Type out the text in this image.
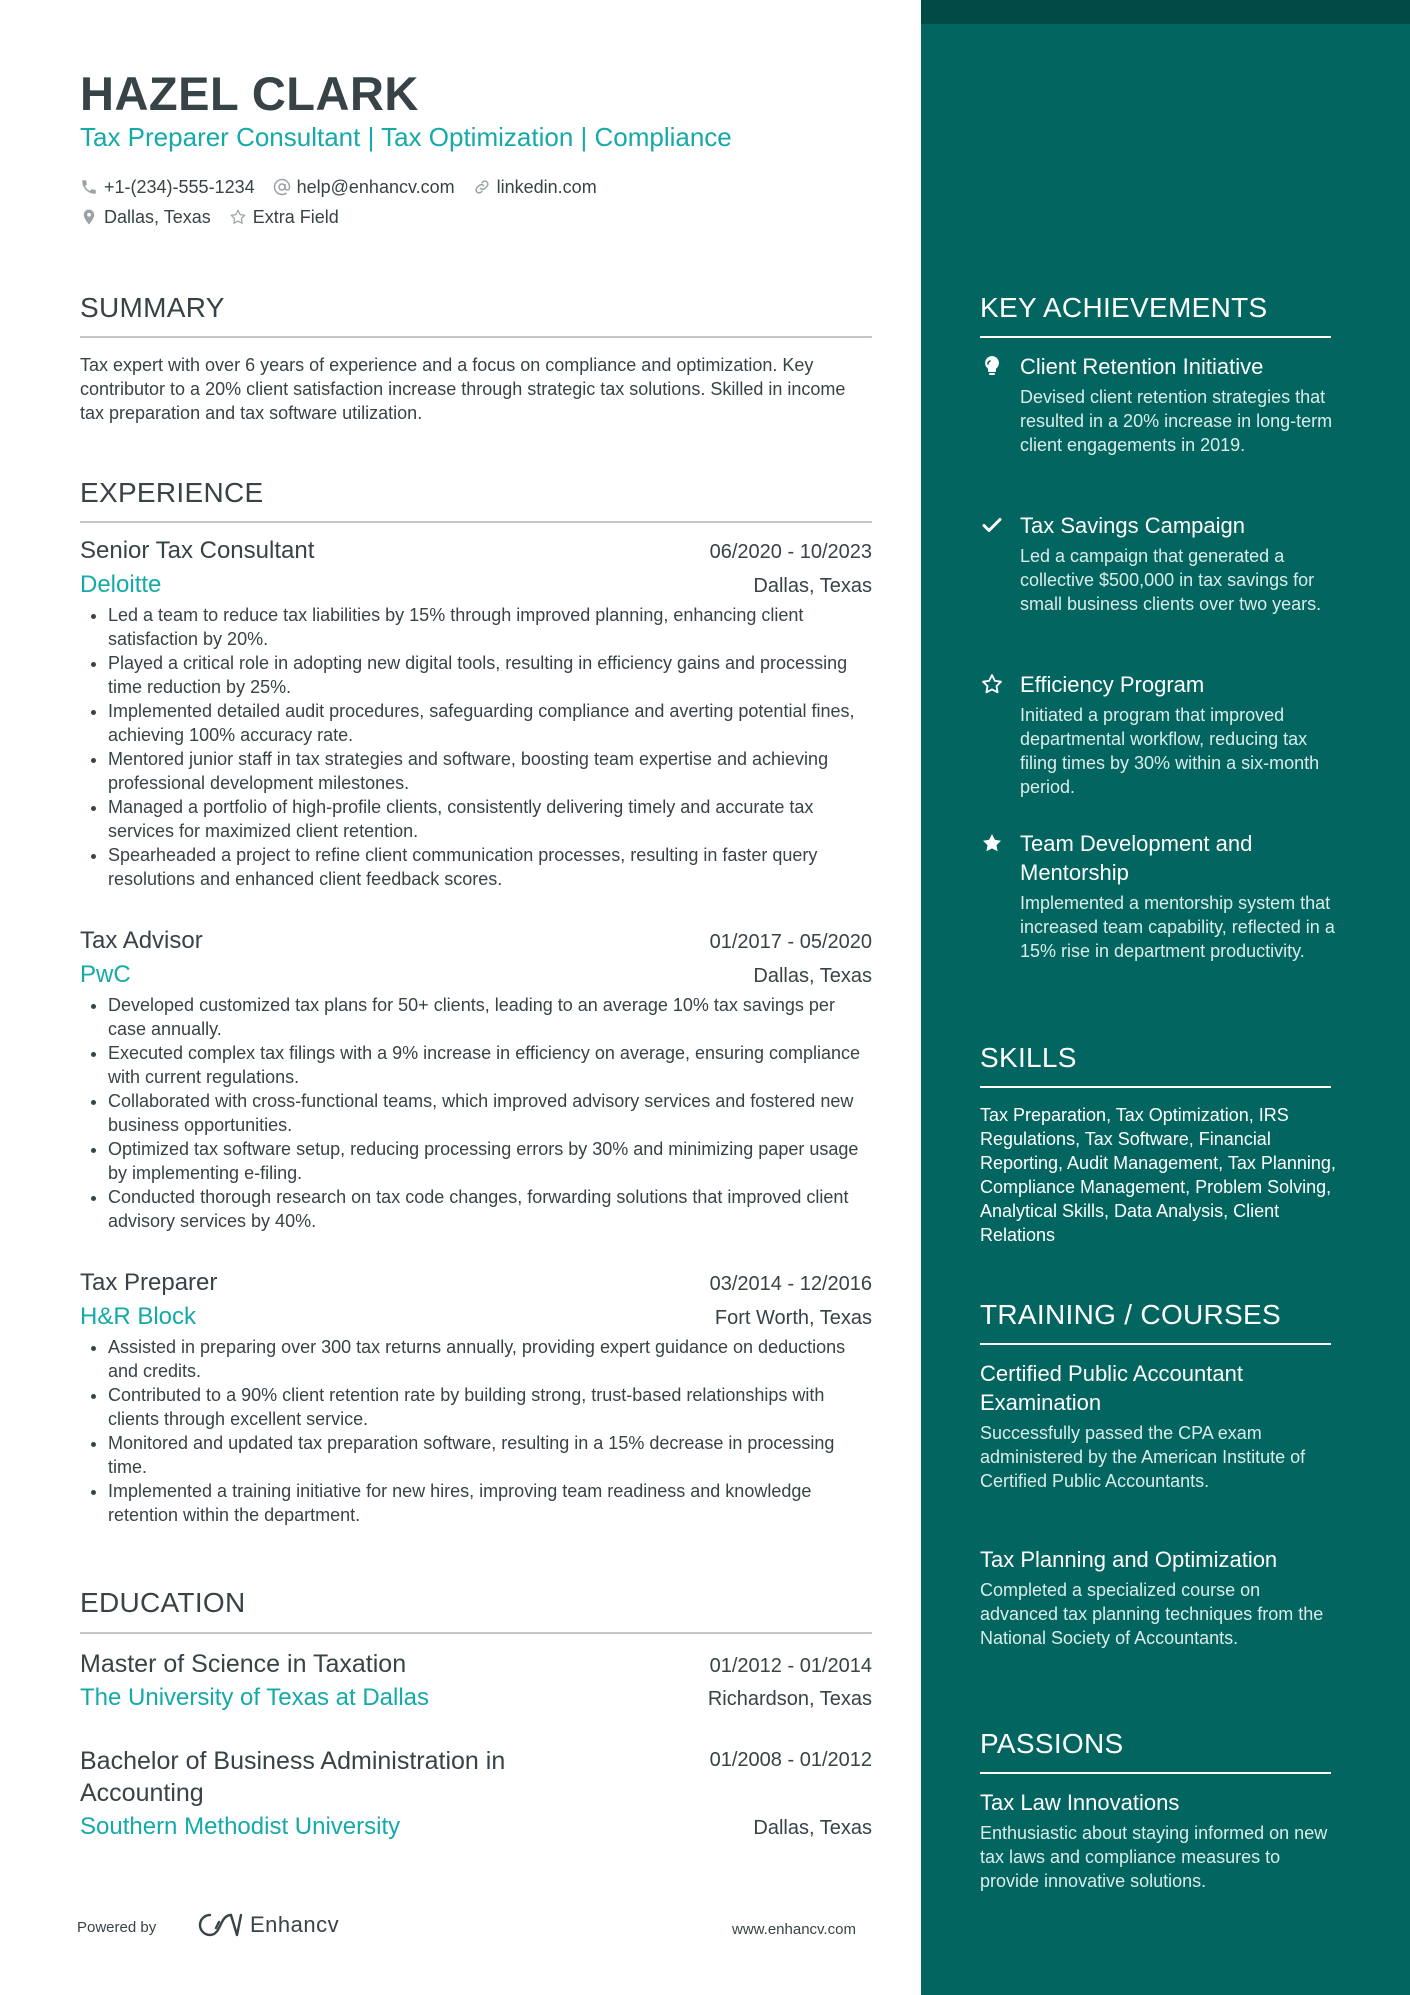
HAZEL CLARK
Tax Preparer Consultant | Tax Optimization | Compliance
+1-(234)-555-1234 help@enhancv.com linkedin.com
Dallas, Texas Extra Field
SUMMARY
Tax expert with over 6 years of experience and a focus on compliance and optimization. Key contributor to a 20% client satisfaction increase through strategic tax solutions. Skilled in income tax preparation and tax software utilization.
EXPERIENCE
Senior Tax Consultant	06/2020 - 10/2023
Deloitte	Dallas, Texas
• Led a team to reduce tax liabilities by 15% through improved planning, enhancing client satisfaction by 20%.
• Played a critical role in adopting new digital tools, resulting in efficiency gains and processing time reduction by 25%.
• Implemented detailed audit procedures, safeguarding compliance and averting potential fines, achieving 100% accuracy rate.
• Mentored junior staff in tax strategies and software, boosting team expertise and achieving professional development milestones.
• Managed a portfolio of high-profile clients, consistently delivering timely and accurate tax services for maximized client retention.
• Spearheaded a project to refine client communication processes, resulting in faster query resolutions and enhanced client feedback scores.
Tax Advisor	01/2017 - 05/2020
PwC	Dallas, Texas
• Developed customized tax plans for 50+ clients, leading to an average 10% tax savings per case annually.
• Executed complex tax filings with a 9% increase in efficiency on average, ensuring compliance with current regulations.
• Collaborated with cross-functional teams, which improved advisory services and fostered new business opportunities.
• Optimized tax software setup, reducing processing errors by 30% and minimizing paper usage by implementing e-filing.
• Conducted thorough research on tax code changes, forwarding solutions that improved client advisory services by 40%.
Tax Preparer	03/2014 - 12/2016
H&R Block	Fort Worth, Texas
• Assisted in preparing over 300 tax returns annually, providing expert guidance on deductions and credits.
• Contributed to a 90% client retention rate by building strong, trust-based relationships with clients through excellent service.
• Monitored and updated tax preparation software, resulting in a 15% decrease in processing time.
• Implemented a training initiative for new hires, improving team readiness and knowledge retention within the department.
EDUCATION
Master of Science in Taxation	01/2012 - 01/2014
The University of Texas at Dallas	Richardson, Texas
Bachelor of Business Administration in Accounting
01/2008 - 01/2012
Southern Methodist University	Dallas, Texas
Powered by	Enhancv	www.enhancv.com
KEY ACHIEVEMENTS
Client Retention Initiative
Devised client retention strategies that resulted in a 20% increase in long-term client engagements in 2019.
Tax Savings Campaign
Led a campaign that generated a collective $500,000 in tax savings for small business clients over two years.
Efficiency Program
Initiated a program that improved departmental workflow, reducing tax filing times by 30% within a six-month period.
Team Development and Mentorship
Implemented a mentorship system that increased team capability, reflected in a 15% rise in department productivity.
SKILLS
Tax Preparation, Tax Optimization, IRS Regulations, Tax Software, Financial Reporting, Audit Management, Tax Planning, Compliance Management, Problem Solving, Analytical Skills, Data Analysis, Client Relations
TRAINING / COURSES
Certified Public Accountant Examination
Successfully passed the CPA exam administered by the American Institute of Certified Public Accountants.
Tax Planning and Optimization
Completed a specialized course on advanced tax planning techniques from the National Society of Accountants.
PASSIONS
Tax Law Innovations
Enthusiastic about staying informed on new tax laws and compliance measures to provide innovative solutions.
